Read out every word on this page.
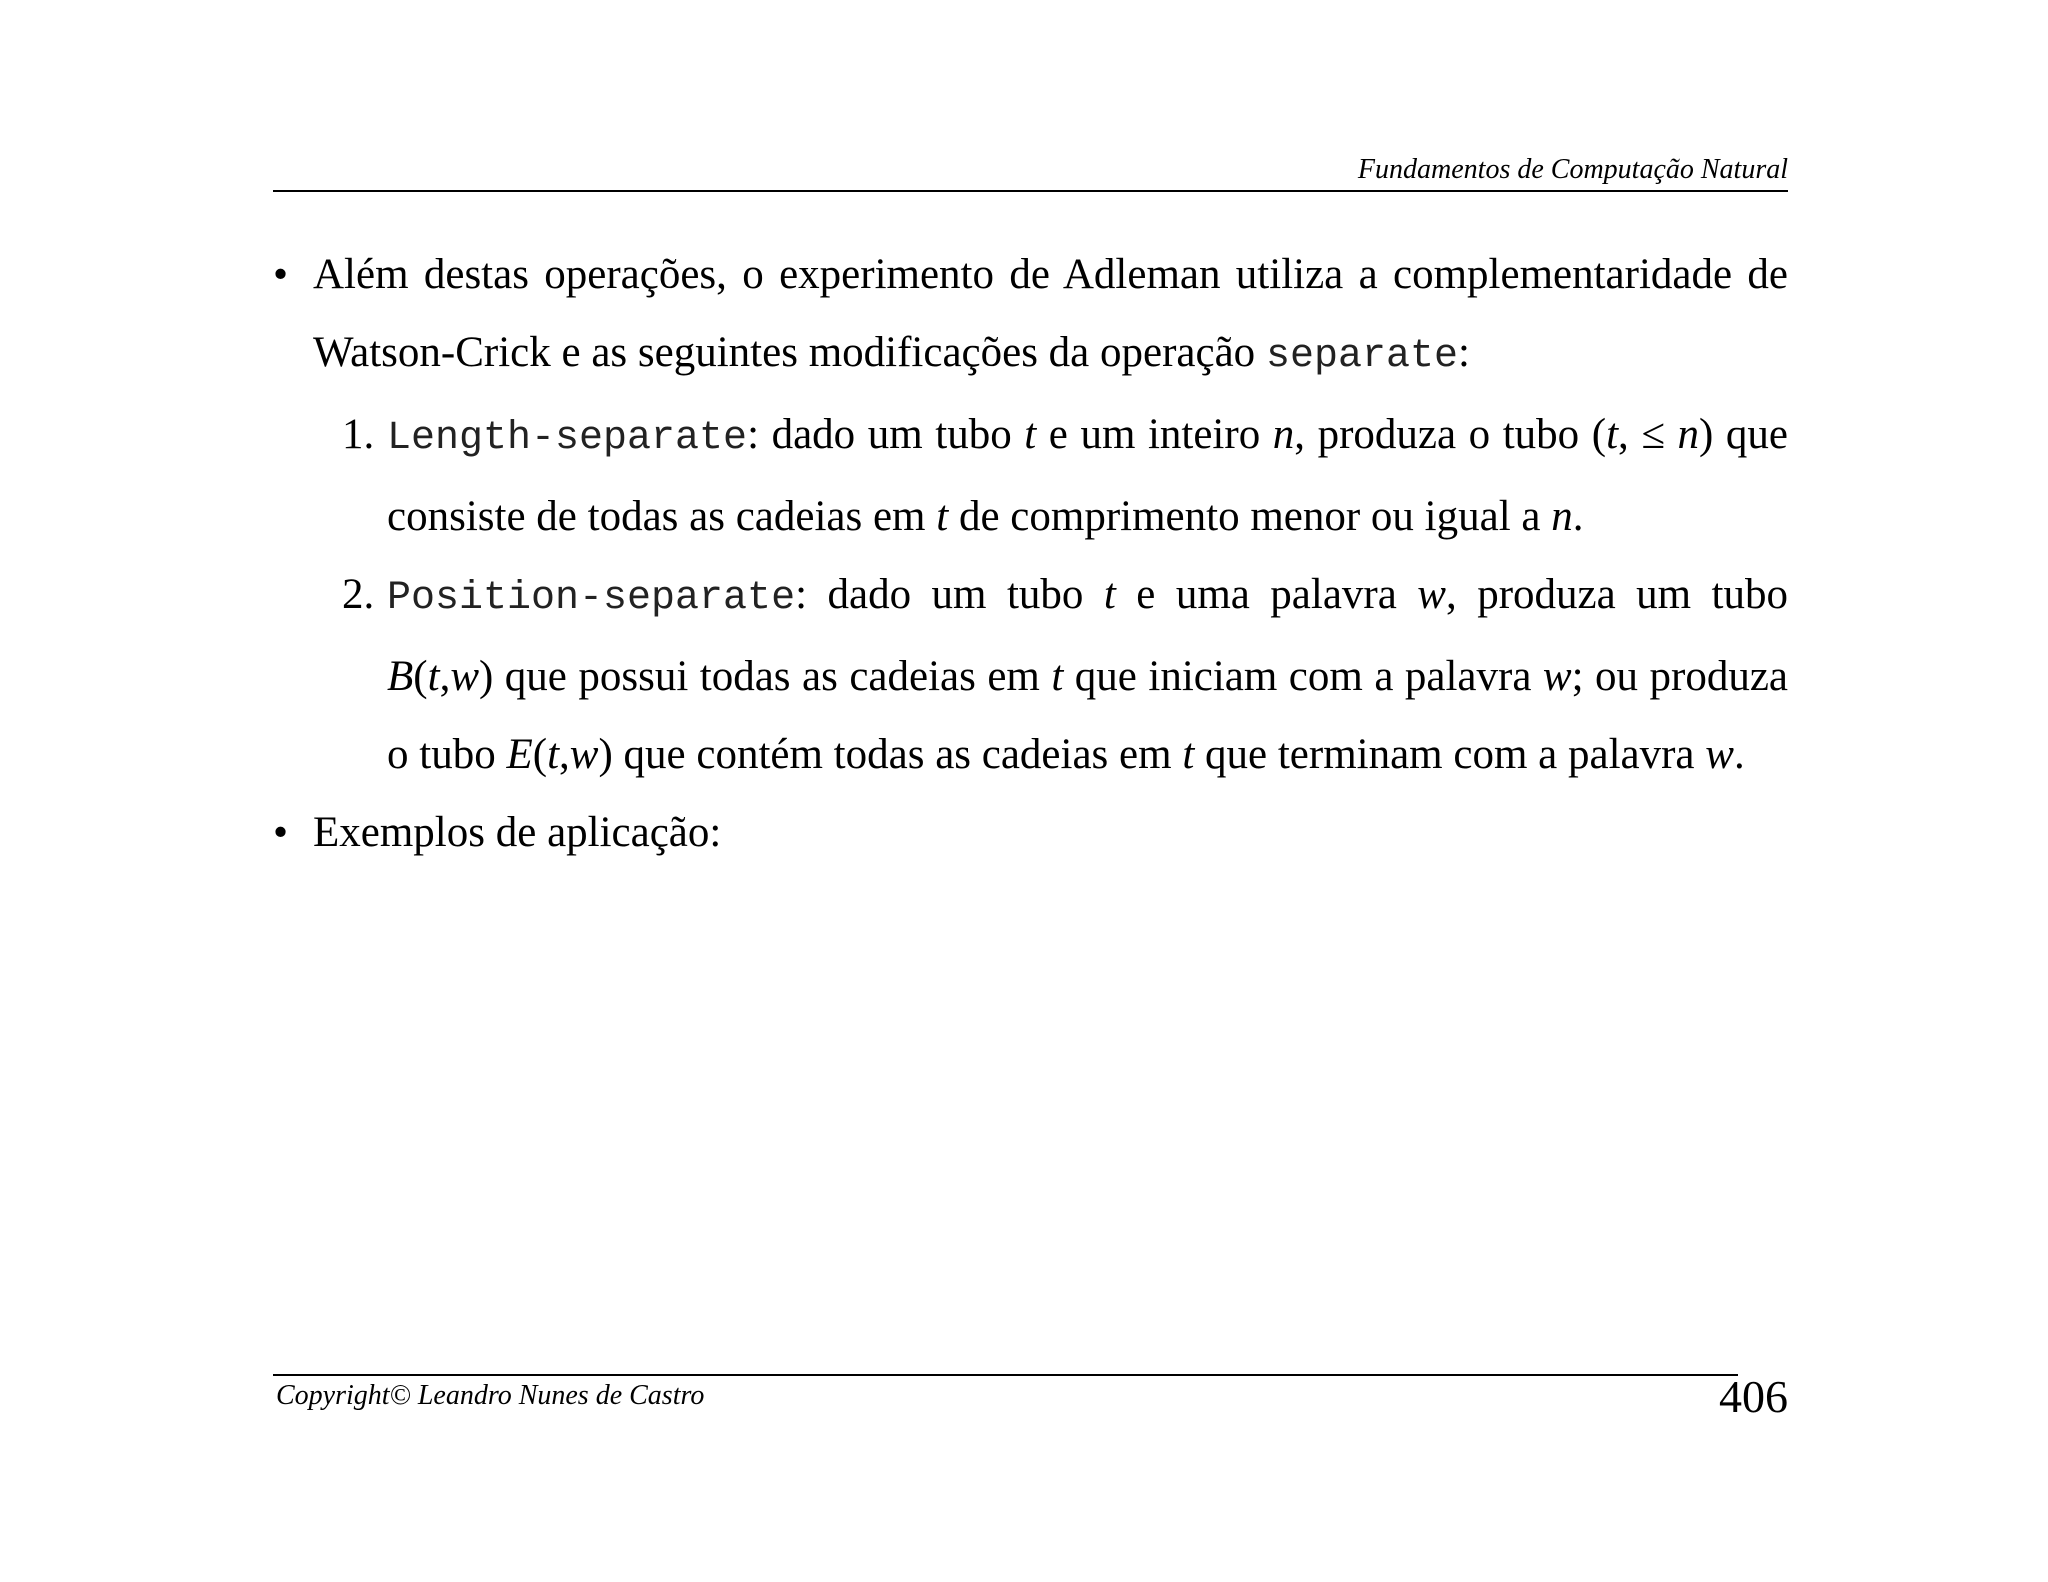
Fundamentos de Computação Natural
• Além destas operações, o experimento de Adleman utiliza a complementaridade de Watson-Crick e as seguintes modificações da operação separate:
1. Length-separate: dado um tubo t e um inteiro n, produza o tubo (t, ≤ n) que consiste de todas as cadeias em t de comprimento menor ou igual a n.
2. Position-separate: dado um tubo t e uma palavra w, produza um tubo B(t,w) que possui todas as cadeias em t que iniciam com a palavra w; ou produza o tubo E(t,w) que contém todas as cadeias em t que terminam com a palavra w.
• Exemplos de aplicação:
Copyright© Leandro Nunes de Castro	406
